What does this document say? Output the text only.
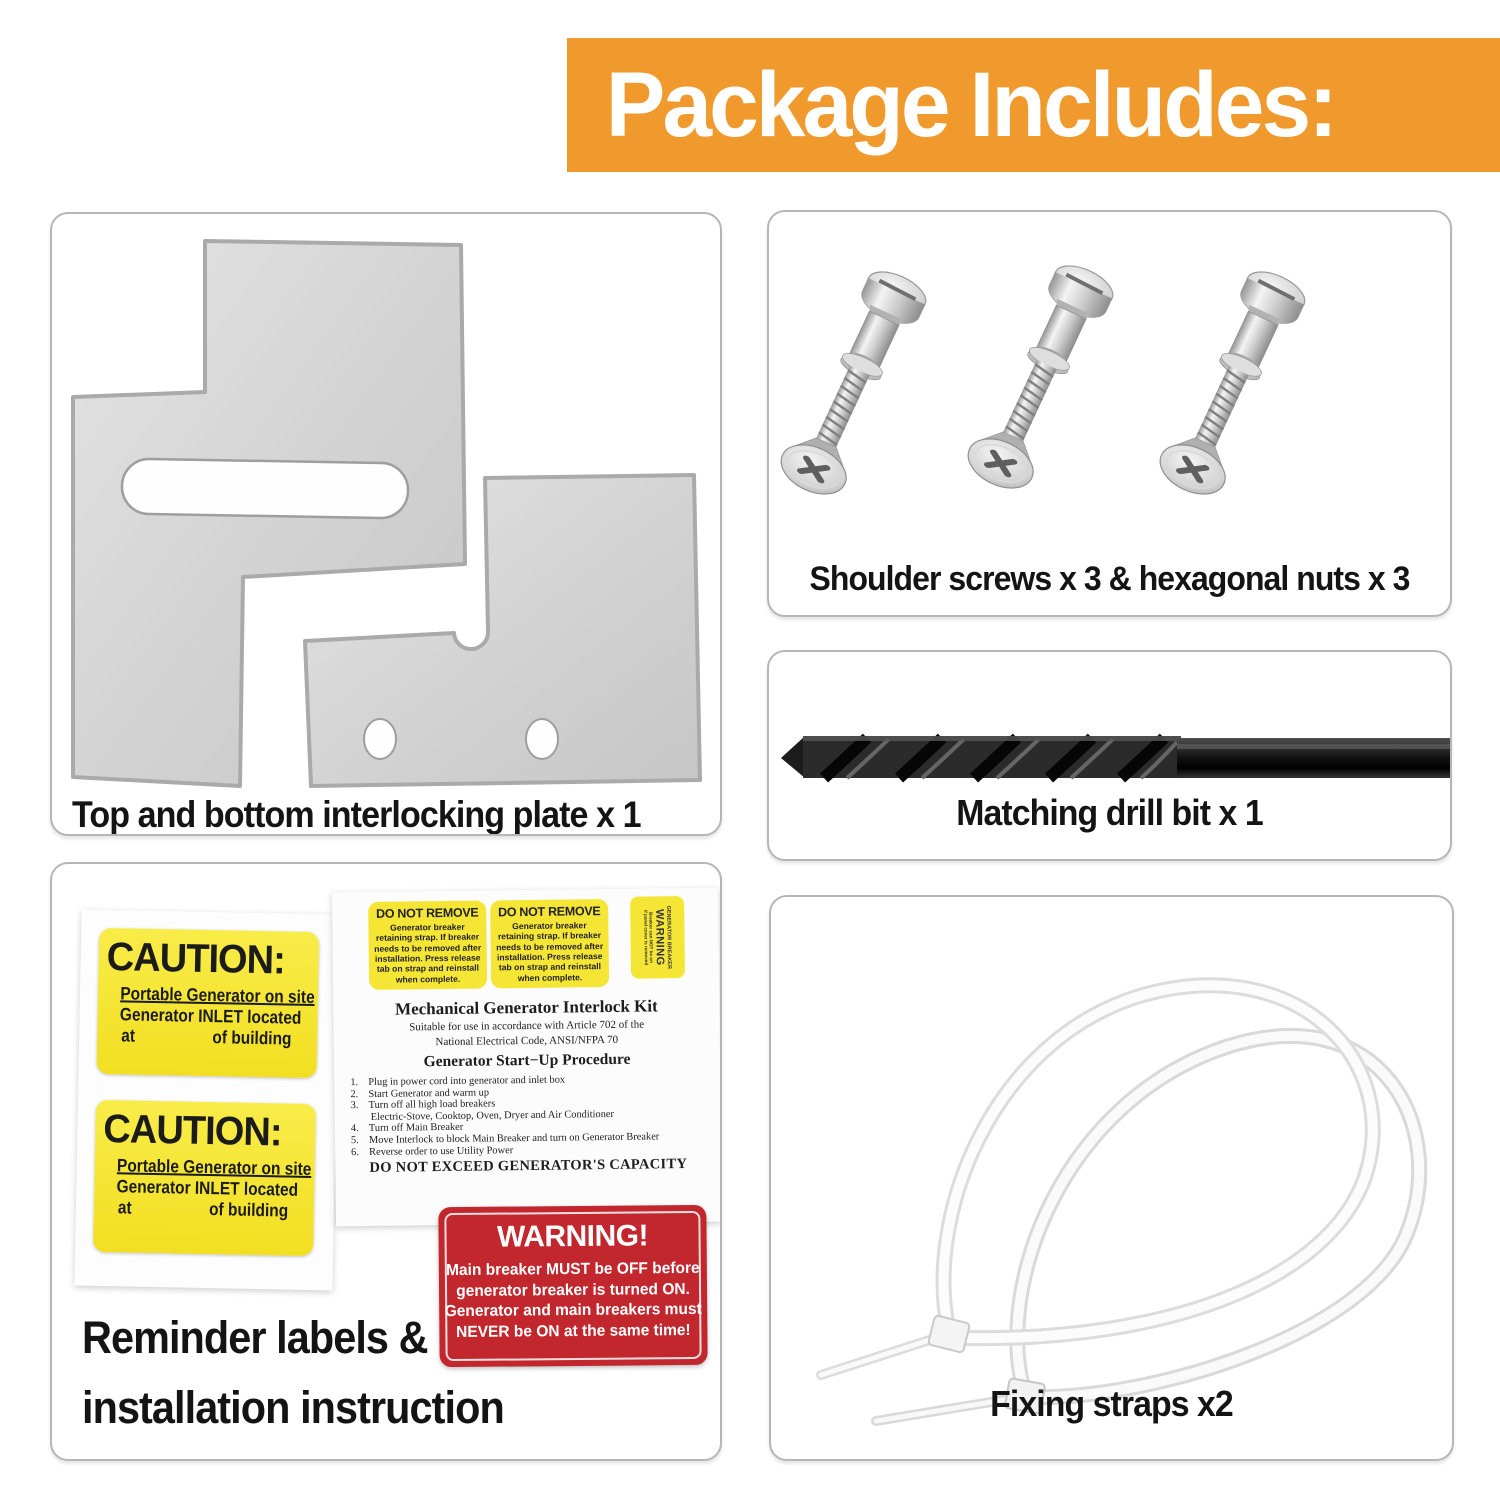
Package Includes:
Top and bottom interlocking plate x 1
Shoulder screws x 3 & hexagonal nuts x 3
Matching drill bit x 1
CAUTION:
Portable Generator on site
Generator INLET located
at	of building
CAUTION:
Portable Generator on site
Generator INLET located
at	of building
DO NOT REMOVE
Generator breaker retaining strap. If breaker needs to be removed after installation. Press release tab on strap and reinstall when complete.
DO NOT REMOVE
Generator breaker retaining strap. If breaker needs to be removed after installation. Press release tab on strap and reinstall when complete.
GENERATOR BREAKER
WARNING
Breaker can NOT be on
if panel cover is removed
Mechanical Generator Interlock Kit
Suitable for use in accordance with Article 702 of the
National Electrical Code, ANSI/NFPA 70
Generator Start−Up Procedure
Plug in power cord into generator and inlet box
Start Generator and warm up
Turn off all high load breakers
Electric-Stove, Cooktop, Oven, Dryer and Air Conditioner
Turn off Main Breaker
Move Interlock to block Main Breaker and turn on Generator Breaker
Reverse order to use Utility Power
DO NOT EXCEED GENERATOR'S CAPACITY
WARNING!
Main breaker MUST be OFF before
generator breaker is turned ON.
Generator and main breakers must
NEVER be ON at the same time!
Reminder labels &
installation instruction	Fixing straps x2
